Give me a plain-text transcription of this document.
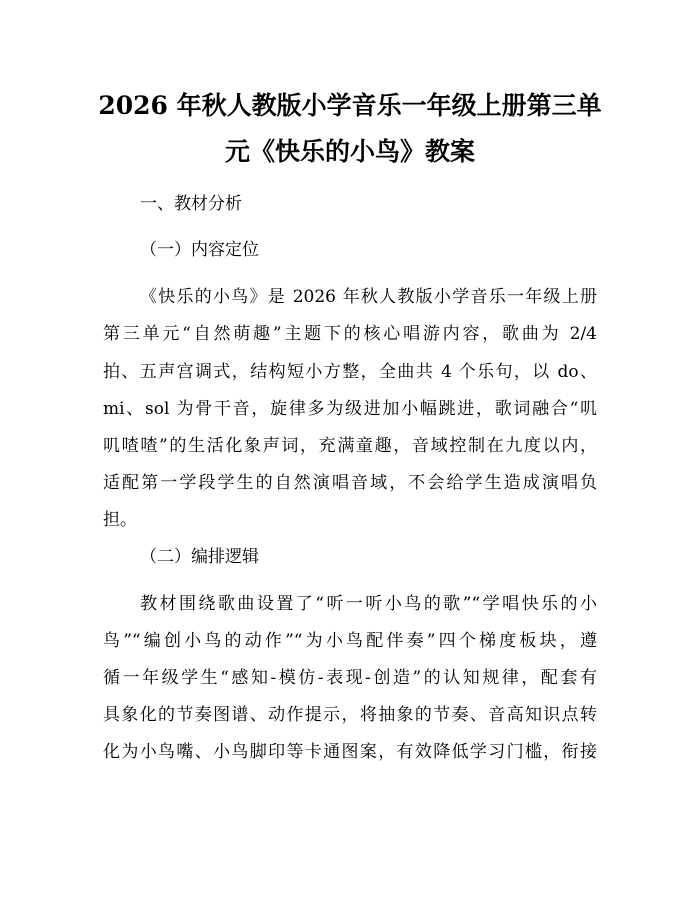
2026 年秋人教版小学音乐一年级上册第三单
元《快乐的小鸟》教案

一、教材分析

（一）内容定位

《快乐的小鸟》是 2026 年秋人教版小学音乐一年级上册

第三单元“自然萌趣”主题下的核心唱游内容，歌曲为 2/4

拍、五声宫调式，结构短小方整，全曲共 4 个乐句，以 do、

mi、sol 为骨干音，旋律多为级进加小幅跳进，歌词融合“叽

叽喳喳”的生活化象声词，充满童趣，音域控制在九度以内，

适配第一学段学生的自然演唱音域，不会给学生造成演唱负

担。

（二）编排逻辑

教材围绕歌曲设置了“听一听小鸟的歌”“学唱快乐的小

鸟”“编创小鸟的动作”“为小鸟配伴奏”四个梯度板块，遵

循一年级学生“感知-模仿-表现-创造”的认知规律，配套有

具象化的节奏图谱、动作提示，将抽象的节奏、音高知识点转

化为小鸟嘴、小鸟脚印等卡通图案，有效降低学习门槛，衔接
